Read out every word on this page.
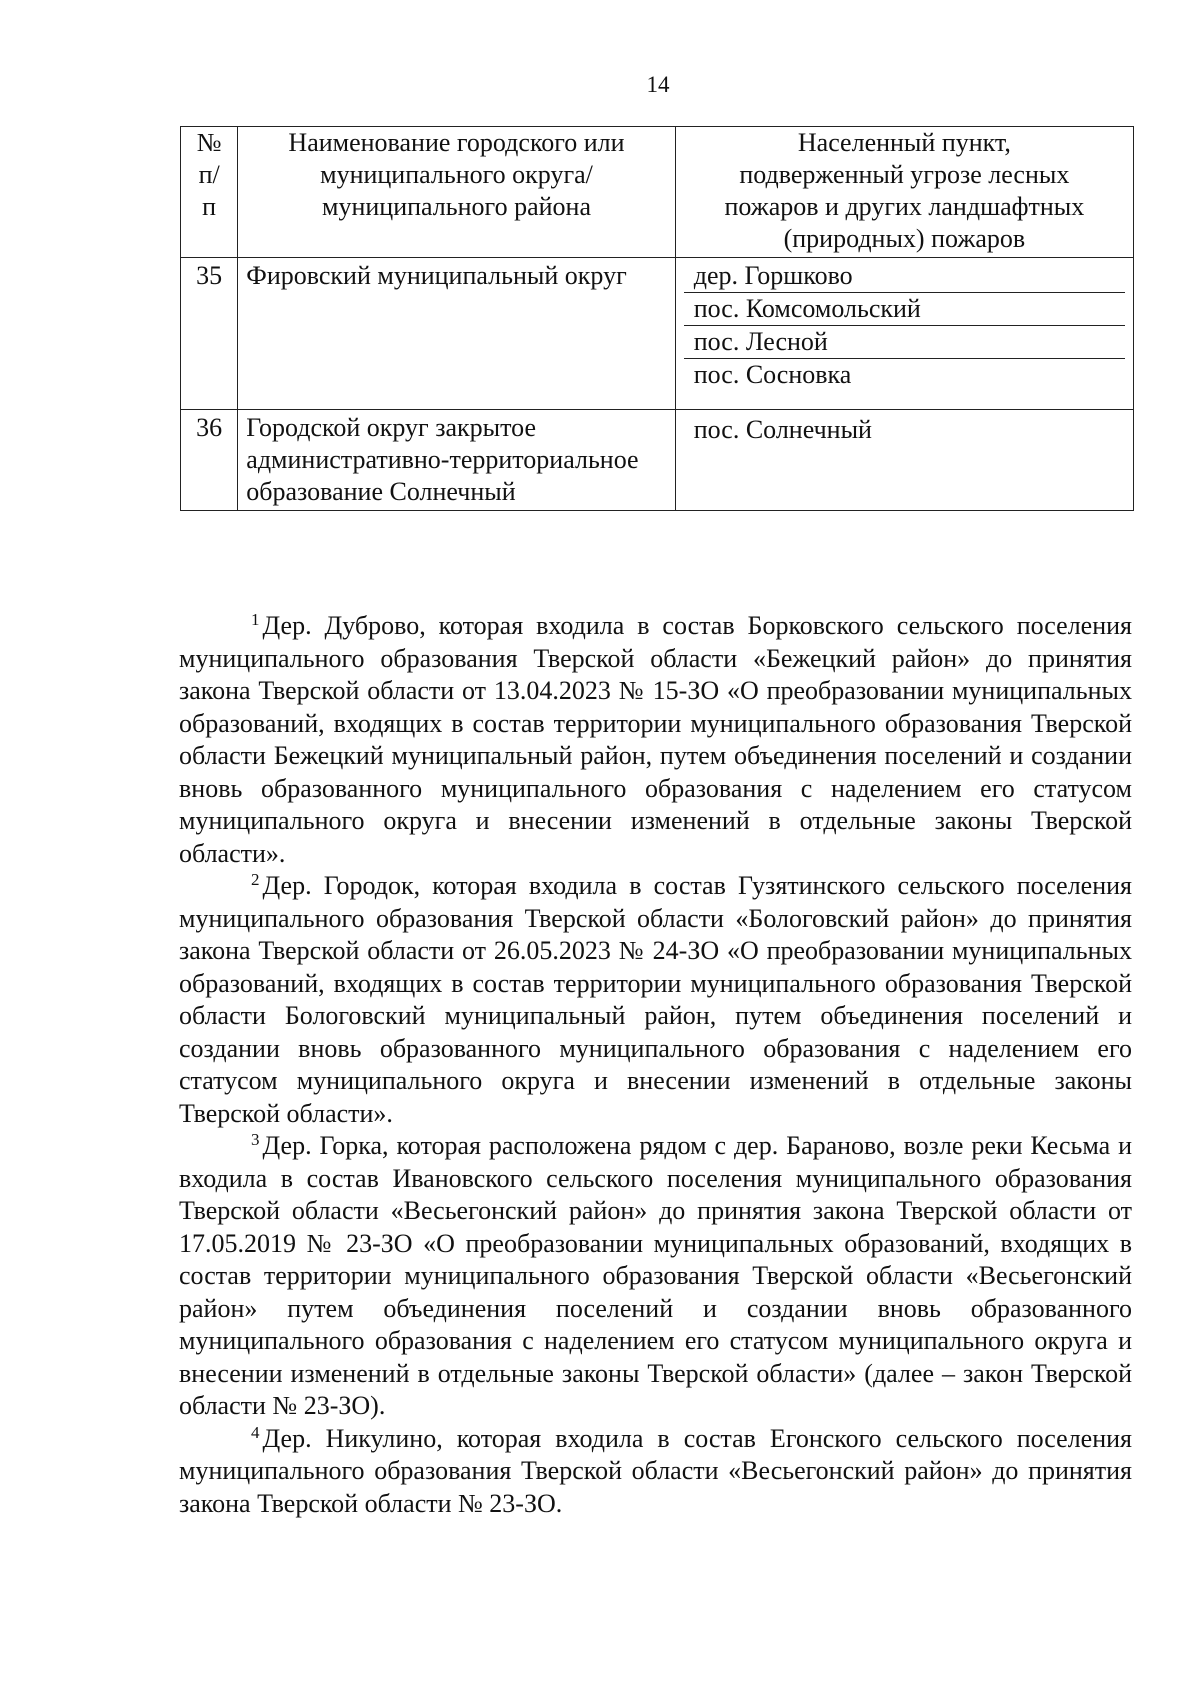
14
№ п/п	Наименование городского или муниципального округа/муниципального района	Населенный пункт, подверженный угрозе лесных пожаров и других ландшафтных (природных) пожаров
35	Фировский муниципальный округ	дер. Горшково
пос. Комсомольский
пос. Лесной
пос. Сосновка

36	Городской округ закрытое административно-территориальное образование Солнечный	пос. Солнечный

$^1$ Дер. Дуброво, которая входила в состав Борковского сельского поселения муниципального образования Тверской области «Бежецкий район» до принятия закона Тверской области от 13.04.2023 № 15-ЗО «О преобразовании муниципальных образований, входящих в состав территории муниципального образования Тверской области Бежецкий муниципальный район, путем объединения поселений и создании вновь образованного муниципального образования с наделением его статусом муниципального округа и внесении изменений в отдельные законы Тверской области».

$^2$ Дер. Городок, которая входила в состав Гузятинского сельского поселения муниципального образования Тверской области «Бологовский район» до принятия закона Тверской области от 26.05.2023 № 24-ЗО «О преобразовании муниципальных образований, входящих в состав территории муниципального образования Тверской области Бологовский муниципальный район, путем объединения поселений и создании вновь образованного муниципального образования с наделением его статусом муниципального округа и внесении изменений в отдельные законы Тверской области».

$^3$ Дер. Горка, которая расположена рядом с дер. Бараново, возле реки Кесьма и входила в состав Ивановского сельского поселения муниципального образования Тверской области «Весьегонский район» до принятия закона Тверской области от 17.05.2019 № 23-ЗО «О преобразовании муниципальных образований, входящих в состав территории муниципального образования Тверской области «Весьегонский район» путем объединения поселений и создании вновь образованного муниципального образования с наделением его статусом муниципального округа и внесении изменений в отдельные законы Тверской области» (далее – закон Тверской области № 23-ЗО).

$^4$ Дер. Никулино, которая входила в состав Егонского сельского поселения муниципального образования Тверской области «Весьегонский район» до принятия закона Тверской области № 23-ЗО.
